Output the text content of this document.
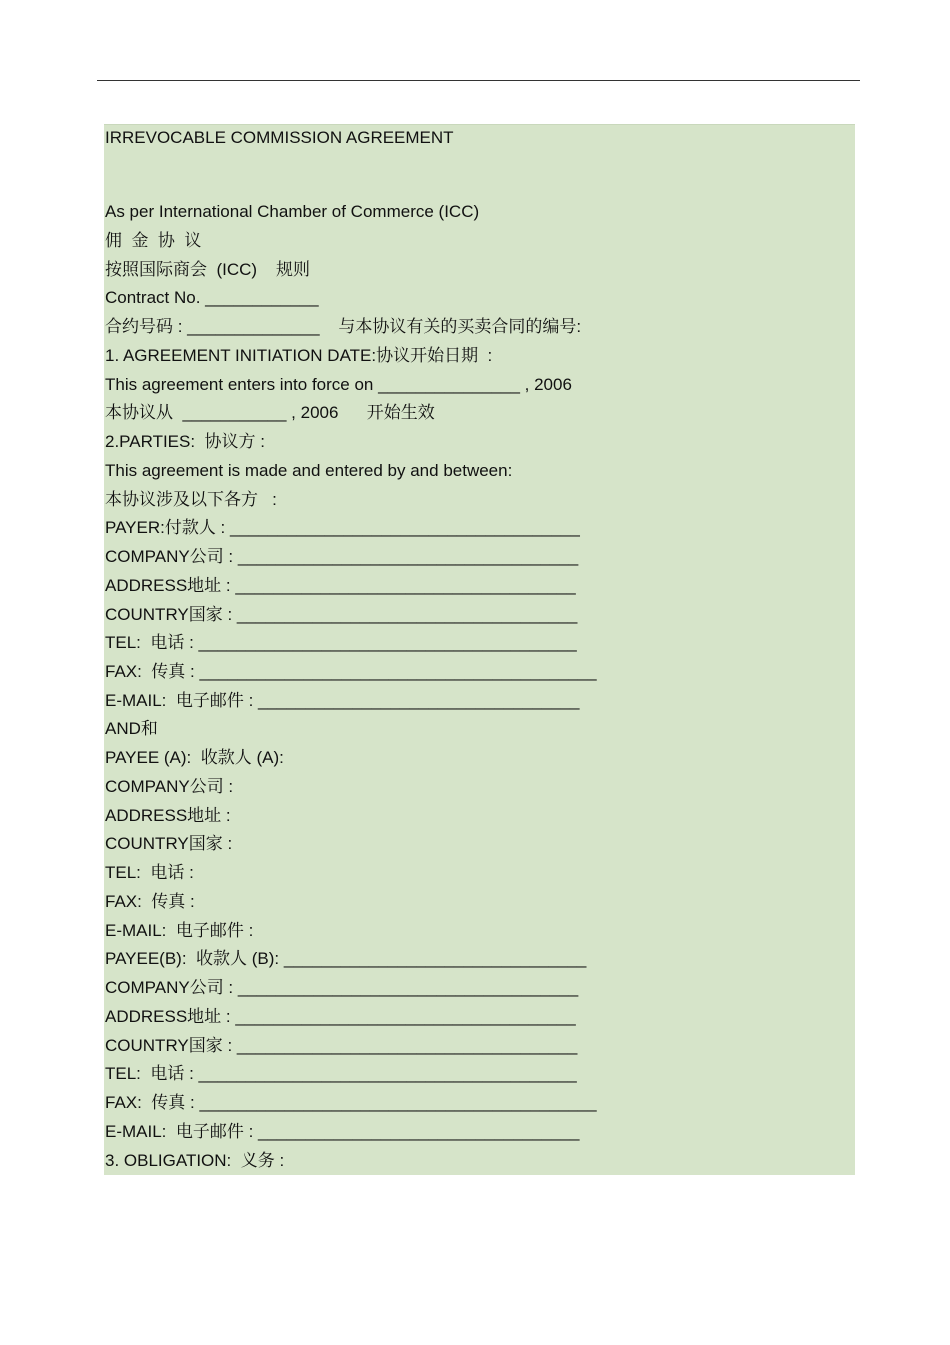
IRREVOCABLE COMMISSION AGREEMENT
As per International Chamber of Commerce (ICC)
佣  金  协  议
按照国际商会  (ICC)    规则
Contract No. ____________
合约号码 : ______________    与本协议有关的买卖合同的编号:
1. AGREEMENT INITIATION DATE:协议开始日期  :
This agreement enters into force on _______________ , 2006
本协议从  ___________ , 2006      开始生效
2.PARTIES:  协议方 :
This agreement is made and entered by and between:
本协议涉及以下各方   :
PAYER:付款人 : _____________________________________
COMPANY公司 : ____________________________________
ADDRESS地址 : ____________________________________
COUNTRY国家 : ____________________________________
TEL:  电话 : ________________________________________
FAX:  传真 : __________________________________________
E-MAIL:  电子邮件 : __________________________________
AND和
PAYEE (A):  收款人 (A):
COMPANY公司 :
ADDRESS地址 :
COUNTRY国家 :
TEL:  电话 :
FAX:  传真 :
E-MAIL:  电子邮件 :
PAYEE(B):  收款人 (B): ________________________________
COMPANY公司 : ____________________________________
ADDRESS地址 : ____________________________________
COUNTRY国家 : ____________________________________
TEL:  电话 : ________________________________________
FAX:  传真 : __________________________________________
E-MAIL:  电子邮件 : __________________________________
3. OBLIGATION:  义务 :
